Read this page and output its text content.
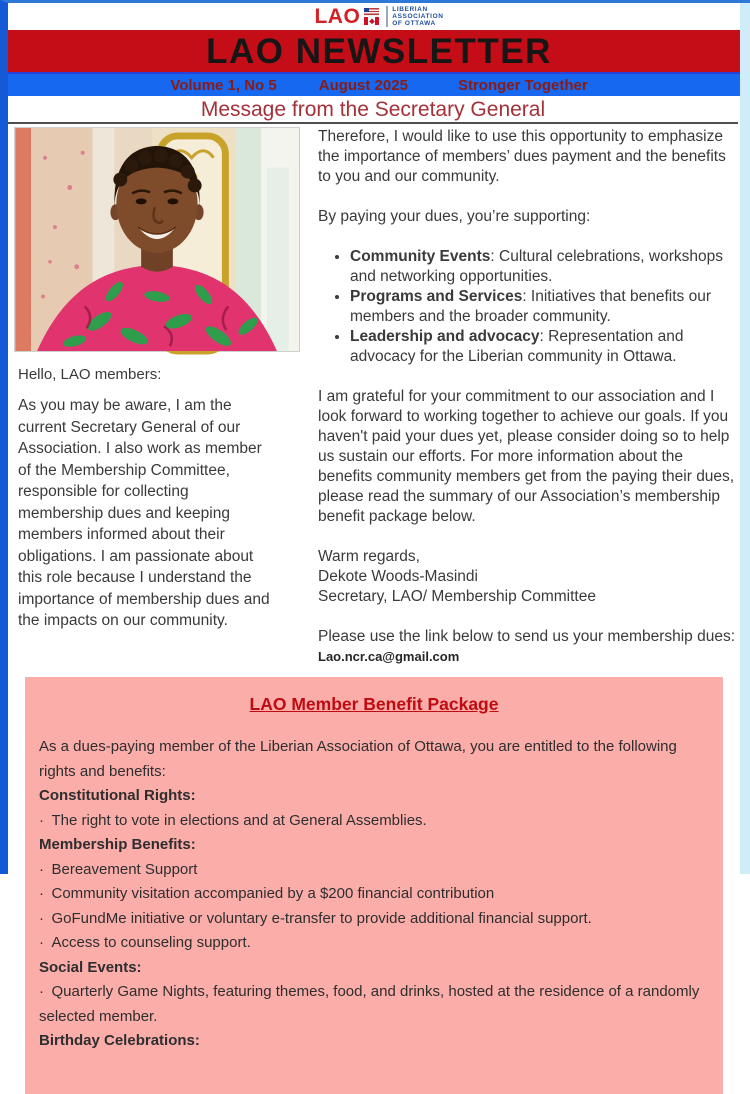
LAO	LIBERIAN
ASSOCIATION
OF OTTAWA
LAO NEWSLETTER
Volume 1, No 5	August 2025	Stronger Together
Message from the Secretary General
Hello, LAO members:
As you may be aware, I am the current Secretary General of our Association. I also work as member of the Membership Committee, responsible for collecting membership dues and keeping members informed about their obligations. I am passionate about this role because I understand the importance of membership dues and the impacts on our community.

Therefore, I would like to use this opportunity to emphasize the importance of members’ dues payment and the benefits to you and our community.

By paying your dues, you’re supporting:

• Community Events: Cultural celebrations, workshops and networking opportunities.
• Programs and Services: Initiatives that benefits our members and the broader community.
• Leadership and advocacy: Representation and advocacy for the Liberian community in Ottawa.

I am grateful for your commitment to our association and I look forward to working together to achieve our goals. If you haven't paid your dues yet, please consider doing so to help us sustain our efforts. For more information about the benefits community members get from the paying their dues, please read the summary of our Association’s membership benefit package below.

Warm regards,
Dekote Woods-Masindi
Secretary, LAO/ Membership Committee
Please use the link below to send us your membership dues:
Lao.ncr.ca@gmail.com
LAO Member Benefit Package
As a dues-paying member of the Liberian Association of Ottawa, you are entitled to the following rights and benefits:
Constitutional Rights:
· The right to vote in elections and at General Assemblies.
Membership Benefits:
· Bereavement Support
· Community visitation accompanied by a $200 financial contribution
· GoFundMe initiative or voluntary e-transfer to provide additional financial support.
· Access to counseling support.
Social Events:
· Quarterly Game Nights, featuring themes, food, and drinks, hosted at the residence of a randomly selected member.
Birthday Celebrations:
